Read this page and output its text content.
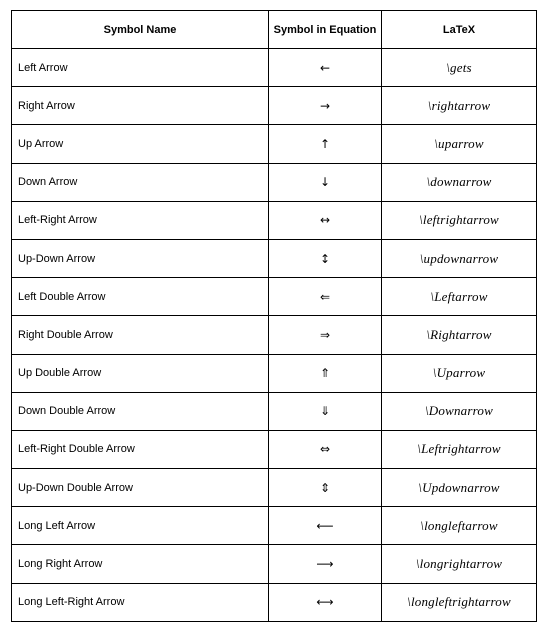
Symbol Name	Symbol in Equation	LaTeX
Left Arrow	←	\gets
Right Arrow	→	\rightarrow
Up Arrow	↑	\uparrow
Down Arrow	↓	\downarrow
Left-Right Arrow	↔	\leftrightarrow
Up-Down Arrow	↕	\updownarrow
Left Double Arrow	⇐	\Leftarrow
Right Double Arrow	⇒	\Rightarrow
Up Double Arrow	⇑	\Uparrow
Down Double Arrow	⇓	\Downarrow
Left-Right Double Arrow	⇔	\Leftrightarrow
Up-Down Double Arrow	⇕	\Updownarrow
Long Left Arrow	⟵	\longleftarrow
Long Right Arrow	⟶	\longrightarrow
Long Left-Right Arrow	⟷	\longleftrightarrow
